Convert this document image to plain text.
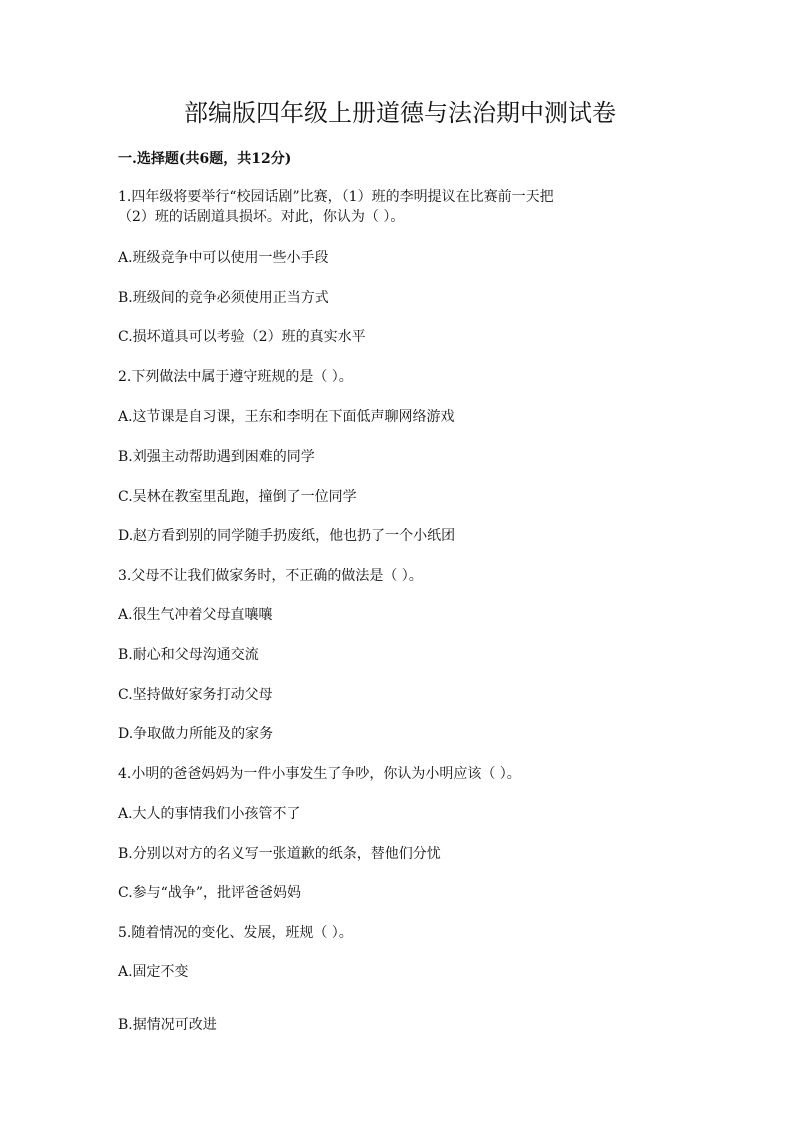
部编版四年级上册道德与法治期中测试卷
一.选择题(共6题，共12分)
1.四年级将要举行“校园话剧”比赛，（1）班的李明提议在比赛前一天把
（2）班的话剧道具损坏。对此，你认为（ ）。
A.班级竞争中可以使用一些小手段
B.班级间的竞争必须使用正当方式
C.损坏道具可以考验（2）班的真实水平
2.下列做法中属于遵守班规的是（ ）。
A.这节课是自习课，王东和李明在下面低声聊网络游戏
B.刘强主动帮助遇到困难的同学
C.吴林在教室里乱跑，撞倒了一位同学
D.赵方看到别的同学随手扔废纸，他也扔了一个小纸团
3.父母不让我们做家务时，不正确的做法是（ ）。
A.很生气冲着父母直嚷嚷
B.耐心和父母沟通交流
C.坚持做好家务打动父母
D.争取做力所能及的家务
4.小明的爸爸妈妈为一件小事发生了争吵，你认为小明应该（ ）。
A.大人的事情我们小孩管不了
B.分别以对方的名义写一张道歉的纸条，替他们分忧
C.参与“战争”，批评爸爸妈妈
5.随着情况的变化、发展，班规（ ）。
A.固定不变
B.据情况可改进
